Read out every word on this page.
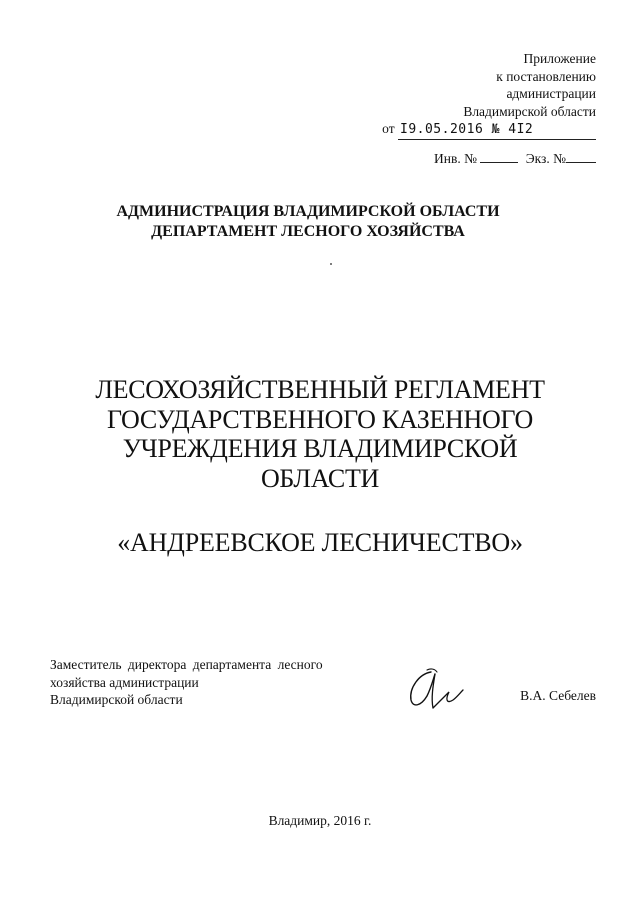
Приложение
к постановлению
администрации
Владимирской области
от I9.05.2016 № 4I2
Инв. №	Экз. №
АДМИНИСТРАЦИЯ ВЛАДИМИРСКОЙ ОБЛАСТИ
ДЕПАРТАМЕНТ ЛЕСНОГО ХОЗЯЙСТВА
ЛЕСОХОЗЯЙСТВЕННЫЙ РЕГЛАМЕНТ
ГОСУДАРСТВЕННОГО КАЗЕННОГО
УЧРЕЖДЕНИЯ ВЛАДИМИРСКОЙ
ОБЛАСТИ
«АНДРЕЕВСКОЕ ЛЕСНИЧЕСТВО»
Заместитель директора департамента лесного
хозяйства администрации
Владимирской области	В.А. Себелев
Владимир, 2016 г.
